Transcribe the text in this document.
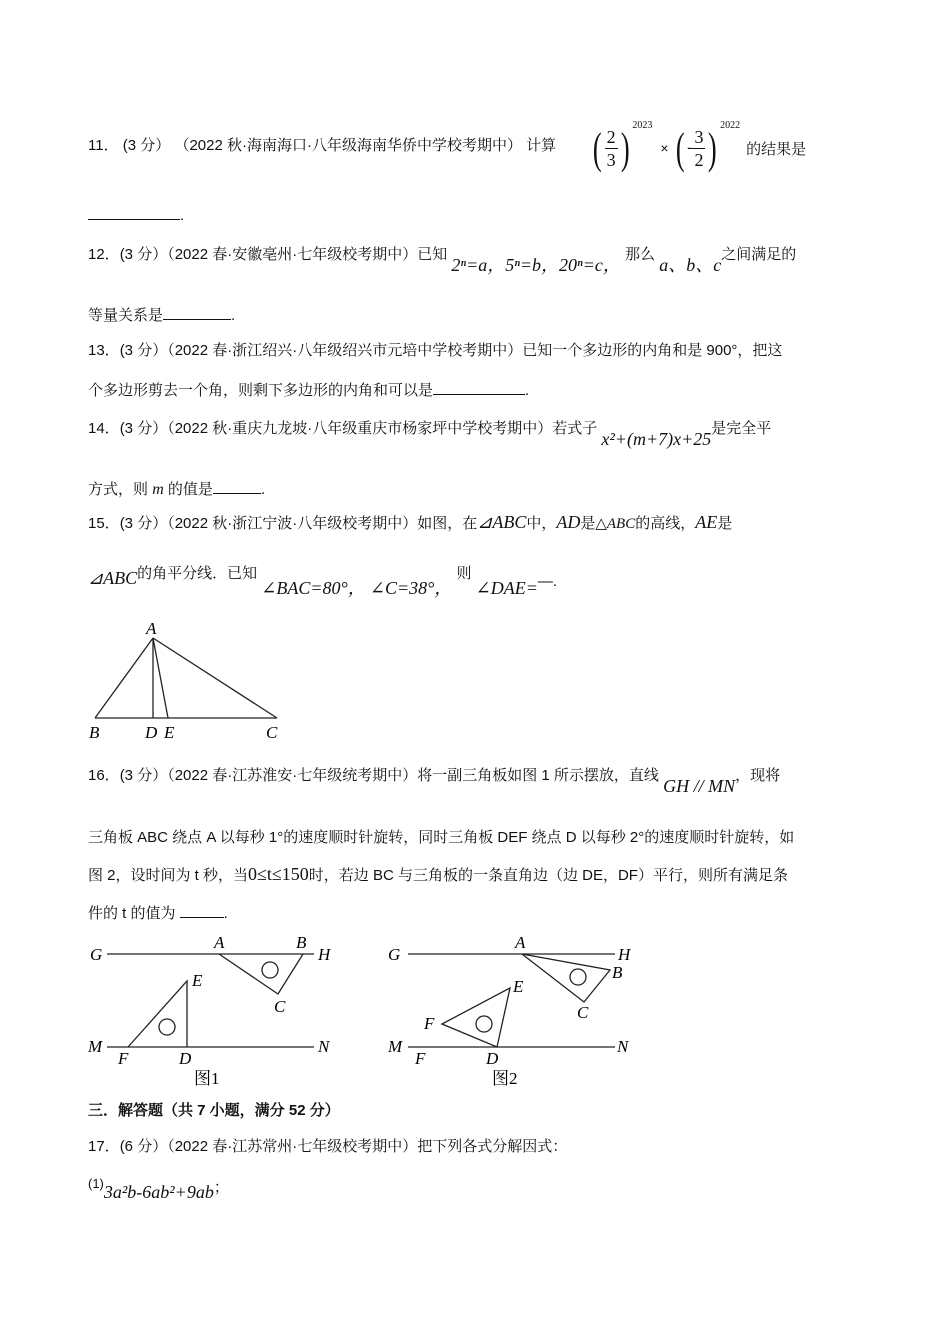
11． (3 分） （2022 秋·海南海口·八年级海南华侨中学校考期中） 计算 ( $\frac{2}{3}$ ) $^{2023}$
× ( - $\frac{3}{2}$ ) $^{2022}$
的结果是
.
12．(3 分）（2022 春·安徽亳州·七年级校考期中）已知 2ⁿ=a，5ⁿ=b，20ⁿ=c， 那么 a、b、c之间满足的
等量关系是	.
13．(3 分）（2022 春·浙江绍兴·八年级绍兴市元培中学校考期中）已知一个多边形的内角和是 900°，把这
个多边形剪去一个角，则剩下多边形的内角和可以是	.
14．(3 分）（2022 秋·重庆九龙坡·八年级重庆市杨家坪中学校考期中）若式子 x²+(m+7)x+25是完全平
方式，则 m 的值是	.
15．(3 分）（2022 秋·浙江宁波·八年级校考期中）如图，在⊿ABC中，AD是△ABC的高线，AE是
⊿ABC的角平分线．已知 ∠BAC=80°， ∠C=38°， 则 ∠DAE=—.
A
B	D E	C
16．(3 分）（2022 春·江苏淮安·七年级统考期中）将一副三角板如图 1 所示摆放，直线 GH // MN，现将
三角板 ABC 绕点 A 以每秒 1°的速度顺时针旋转，同时三角板 DEF 绕点 D 以每秒 2°的速度顺时针旋转，如
图 2，设时间为 t 秒，当0≤t≤150时，若边 BC 与三角板的一条直角边（边 DE，DF）平行，则所有满足条
件的 t 的值为	.
G
A	B
H
C
E
M
F	D
N
图1
G
A
H
B
C
E
F
M
F	D
N
图2
三．解答题（共 7 小题，满分 52 分）
17．(6 分）（2022 春·江苏常州·七年级校考期中）把下列各式分解因式：
(1)3a²b-6ab²+9ab；
